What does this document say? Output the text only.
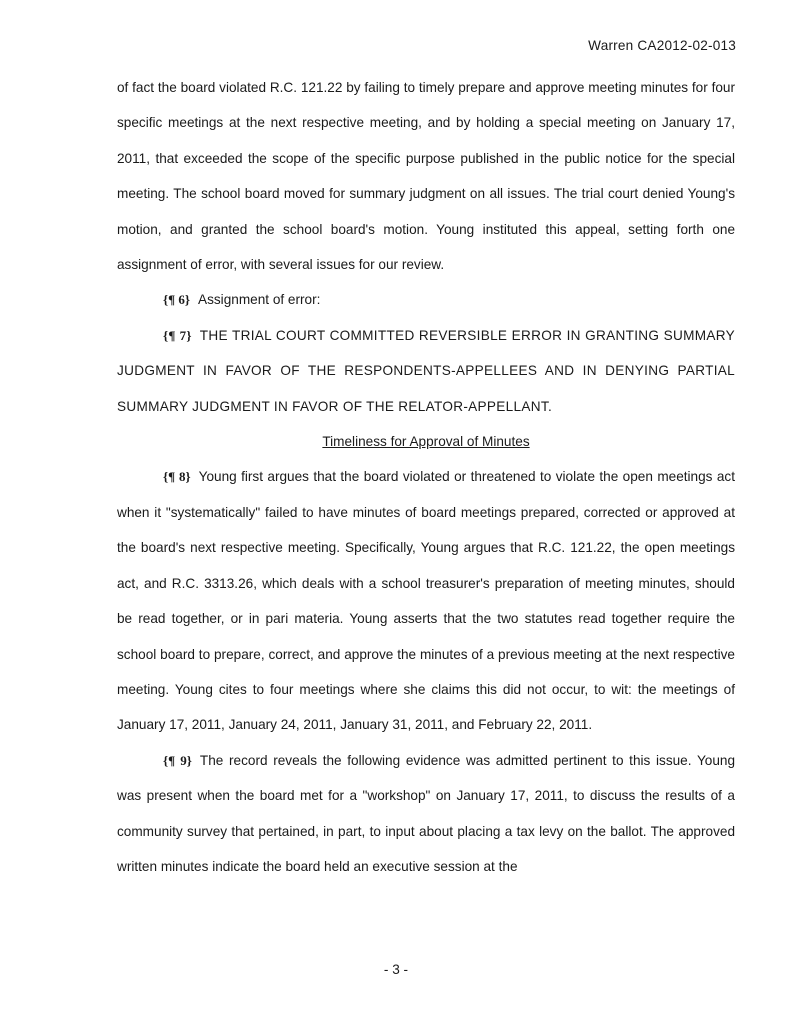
Warren CA2012-02-013

of fact the board violated R.C. 121.22 by failing to timely prepare and approve meeting minutes for four specific meetings at the next respective meeting, and by holding a special meeting on January 17, 2011, that exceeded the scope of the specific purpose published in the public notice for the special meeting. The school board moved for summary judgment on all issues. The trial court denied Young's motion, and granted the school board's motion. Young instituted this appeal, setting forth one assignment of error, with several issues for our review.

{¶ 6} Assignment of error:

{¶ 7} THE TRIAL COURT COMMITTED REVERSIBLE ERROR IN GRANTING SUMMARY JUDGMENT IN FAVOR OF THE RESPONDENTS-APPELLEES AND IN DENYING PARTIAL SUMMARY JUDGMENT IN FAVOR OF THE RELATOR-APPELLANT.

Timeliness for Approval of Minutes

{¶ 8} Young first argues that the board violated or threatened to violate the open meetings act when it "systematically" failed to have minutes of board meetings prepared, corrected or approved at the board's next respective meeting. Specifically, Young argues that R.C. 121.22, the open meetings act, and R.C. 3313.26, which deals with a school treasurer's preparation of meeting minutes, should be read together, or in pari materia. Young asserts that the two statutes read together require the school board to prepare, correct, and approve the minutes of a previous meeting at the next respective meeting. Young cites to four meetings where she claims this did not occur, to wit: the meetings of January 17, 2011, January 24, 2011, January 31, 2011, and February 22, 2011.

{¶ 9} The record reveals the following evidence was admitted pertinent to this issue. Young was present when the board met for a "workshop" on January 17, 2011, to discuss the results of a community survey that pertained, in part, to input about placing a tax levy on the ballot. The approved written minutes indicate the board held an executive session at the

- 3 -
